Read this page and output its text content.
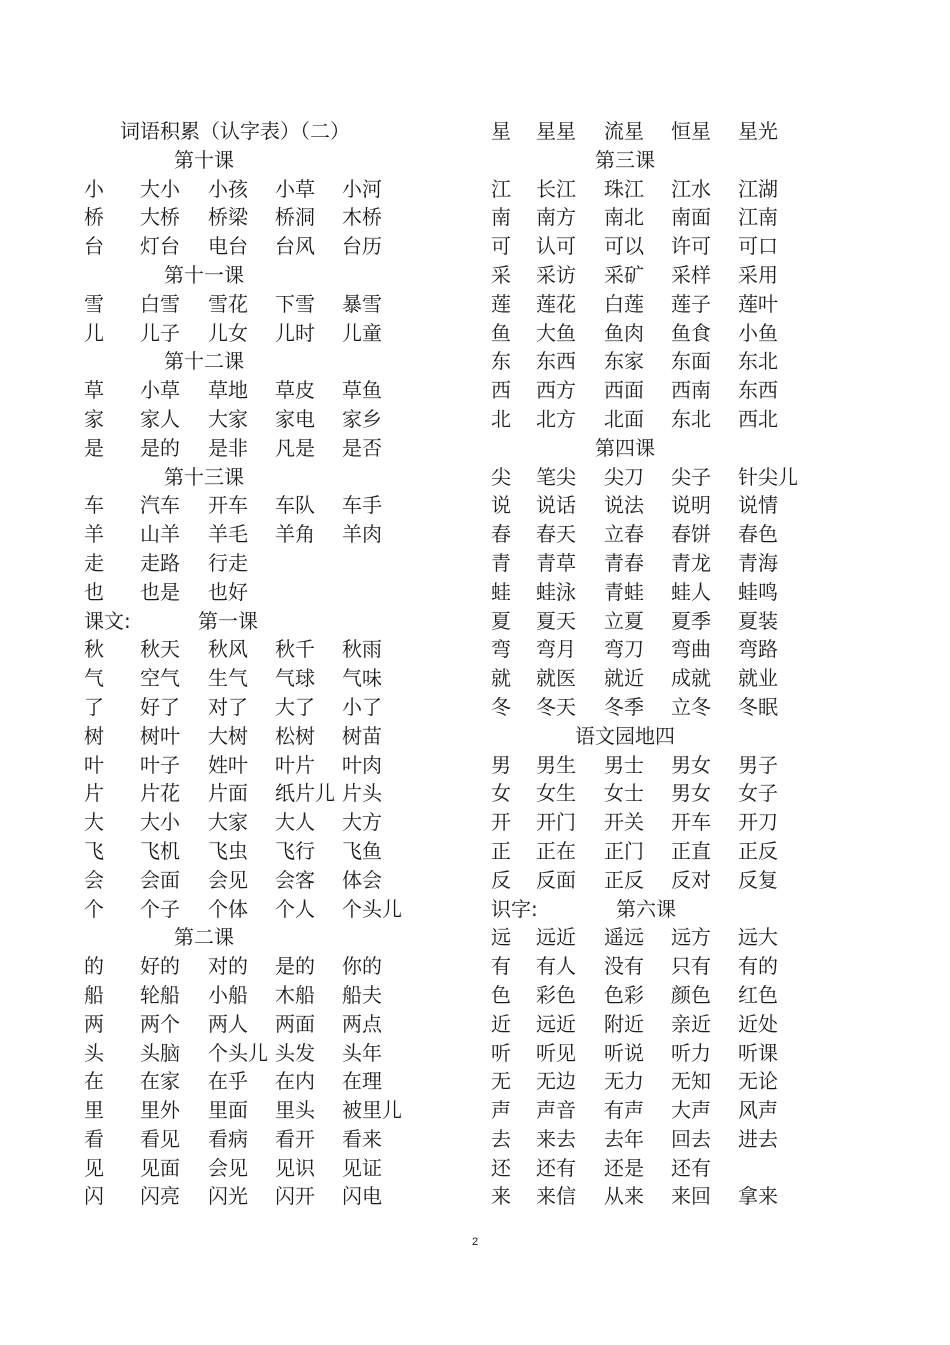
词语积累（认字表）（二）
第十课
小 大小 小孩 小草 小河
桥 大桥 桥梁 桥洞 木桥
台 灯台 电台 台风 台历
第十一课
雪 白雪 雪花 下雪 暴雪
儿 儿子 儿女 儿时 儿童
第十二课
草 小草 草地 草皮 草鱼
家 家人 大家 家电 家乡
是 是的 是非 凡是 是否
第十三课
车 汽车 开车 车队 车手
羊 山羊 羊毛 羊角 羊肉
走 走路 行走
也 也是 也好
课文:	第一课
秋 秋天 秋风 秋千 秋雨
气 空气 生气 气球 气味
了 好了 对了 大了 小了
树 树叶 大树 松树 树苗
叶 叶子 姓叶 叶片 叶肉
片 片花 片面 纸片儿 片头
大 大小 大家 大人 大方
飞 飞机 飞虫 飞行 飞鱼
会 会面 会见 会客 体会
个 个子 个体 个人 个头儿
第二课
的 好的 对的 是的 你的
船 轮船 小船 木船 船夫
两 两个 两人 两面 两点
头 头脑 个头儿 头发 头年
在 在家 在乎 在内 在理
里 里外 里面 里头 被里儿
看 看见 看病 看开 看来
见 见面 会见 见识 见证
闪 闪亮 闪光 闪开 闪电
星 星星 流星 恒星 星光
第三课
江 长江 珠江 江水 江湖
南 南方 南北 南面 江南
可 认可 可以 许可 可口
采 采访 采矿 采样 采用
莲 莲花 白莲 莲子 莲叶
鱼 大鱼 鱼肉 鱼食 小鱼
东 东西 东家 东面 东北
西 西方 西面 西南 东西
北 北方 北面 东北 西北
第四课
尖 笔尖 尖刀 尖子 针尖儿
说 说话 说法 说明 说情
春 春天 立春 春饼 春色
青 青草 青春 青龙 青海
蛙 蛙泳 青蛙 蛙人 蛙鸣
夏 夏天 立夏 夏季 夏装
弯 弯月 弯刀 弯曲 弯路
就 就医 就近 成就 就业
冬 冬天 冬季 立冬 冬眠
语文园地四
男 男生 男士 男女 男子
女 女生 女士 男女 女子
开 开门 开关 开车 开刀
正 正在 正门 正直 正反
反 反面 正反 反对 反复
识字:	第六课
远 远近 遥远 远方 远大
有 有人 没有 只有 有的
色 彩色 色彩 颜色 红色
近 远近 附近 亲近 近处
听 听见 听说 听力 听课
无 无边 无力 无知 无论
声 声音 有声 大声 风声
去 来去 去年 回去 进去
还 还有 还是 还有
来 来信 从来 来回 拿来
2
